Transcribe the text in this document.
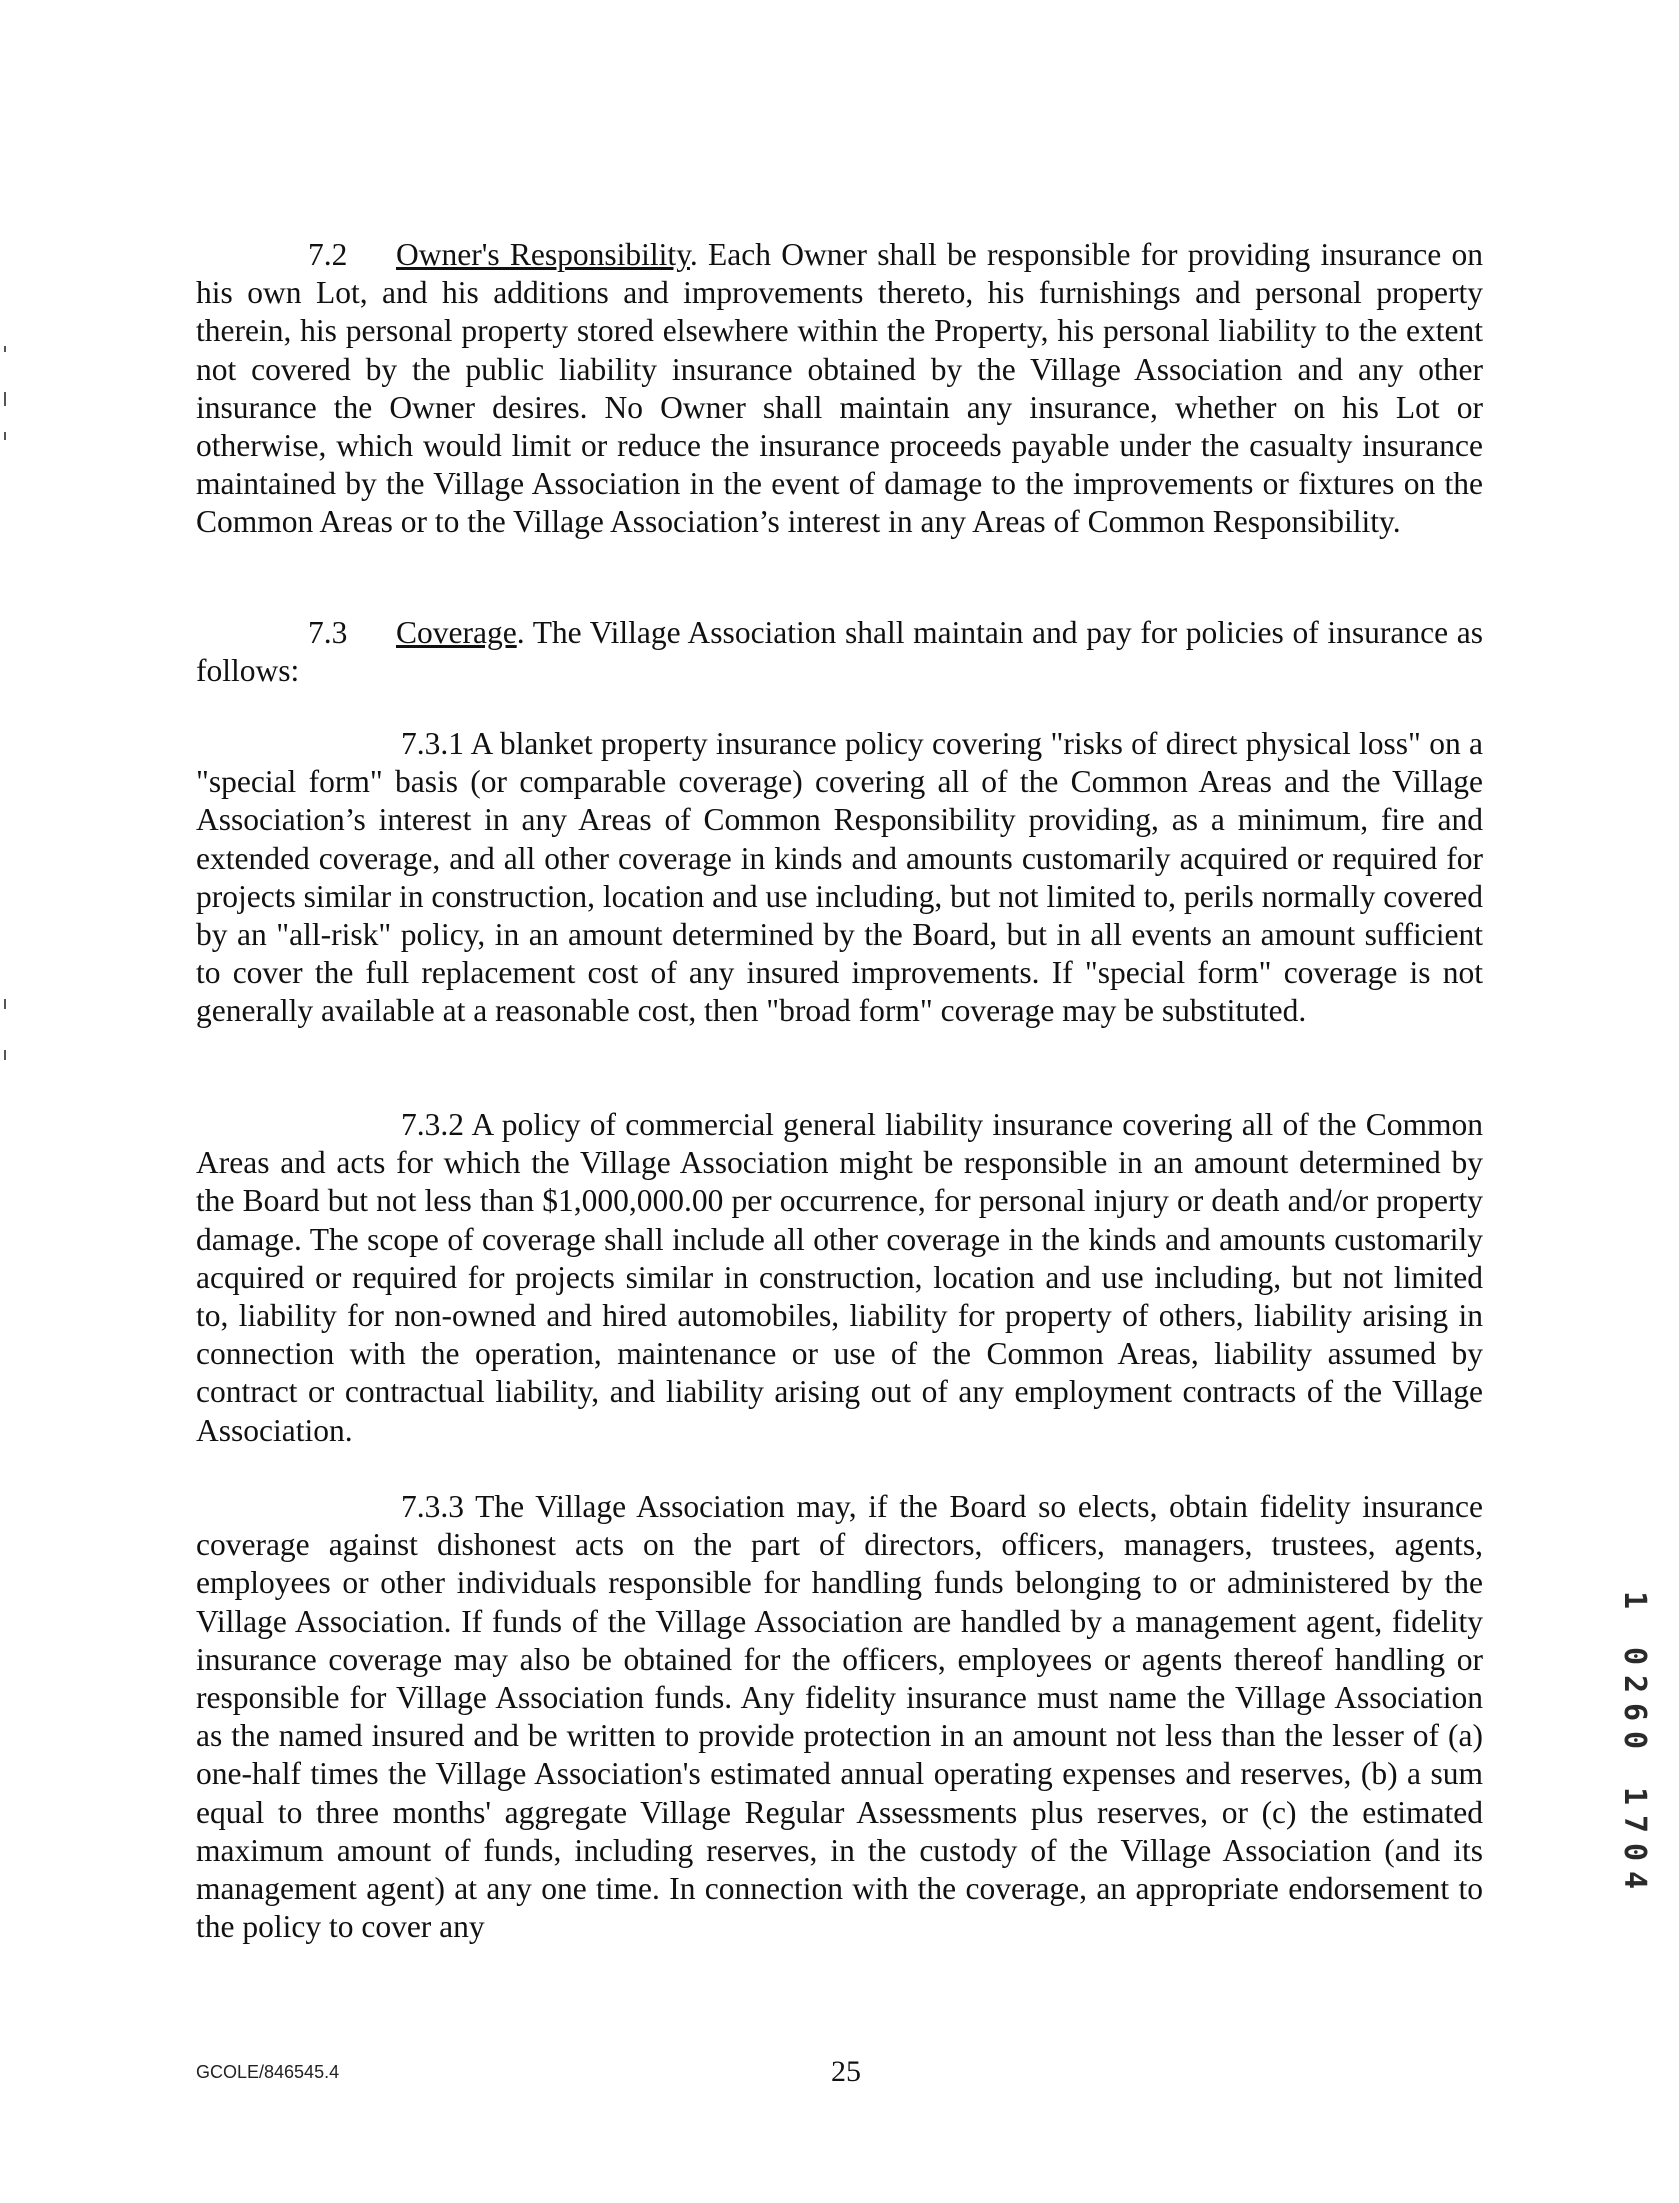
7.2 Owner's Responsibility. Each Owner shall be responsible for providing insurance on his own Lot, and his additions and improvements thereto, his furnishings and personal property therein, his personal property stored elsewhere within the Property, his personal liability to the extent not covered by the public liability insurance obtained by the Village Association and any other insurance the Owner desires. No Owner shall maintain any insurance, whether on his Lot or otherwise, which would limit or reduce the insurance proceeds payable under the casualty insurance maintained by the Village Association in the event of damage to the improvements or fixtures on the Common Areas or to the Village Association’s interest in any Areas of Common Responsibility.

7.3 Coverage. The Village Association shall maintain and pay for policies of insurance as follows:

7.3.1 A blanket property insurance policy covering "risks of direct physical loss" on a "special form" basis (or comparable coverage) covering all of the Common Areas and the Village Association’s interest in any Areas of Common Responsibility providing, as a minimum, fire and extended coverage, and all other coverage in kinds and amounts customarily acquired or required for projects similar in construction, location and use including, but not limited to, perils normally covered by an "all-risk" policy, in an amount determined by the Board, but in all events an amount sufficient to cover the full replacement cost of any insured improvements. If "special form" coverage is not generally available at a reasonable cost, then "broad form" coverage may be substituted.

7.3.2 A policy of commercial general liability insurance covering all of the Common Areas and acts for which the Village Association might be responsible in an amount determined by the Board but not less than $1,000,000.00 per occurrence, for personal injury or death and/or property damage. The scope of coverage shall include all other coverage in the kinds and amounts customarily acquired or required for projects similar in construction, location and use including, but not limited to, liability for non-owned and hired automobiles, liability for property of others, liability arising in connection with the operation, maintenance or use of the Common Areas, liability assumed by contract or contractual liability, and liability arising out of any employment contracts of the Village Association.

7.3.3 The Village Association may, if the Board so elects, obtain fidelity insurance coverage against dishonest acts on the part of directors, officers, managers, trustees, agents, employees or other individuals responsible for handling funds belonging to or administered by the Village Association. If funds of the Village Association are handled by a management agent, fidelity insurance coverage may also be obtained for the officers, employees or agents thereof handling or responsible for Village Association funds. Any fidelity insurance must name the Village Association as the named insured and be written to provide protection in an amount not less than the lesser of (a) one-half times the Village Association's estimated annual operating expenses and reserves, (b) a sum equal to three months' aggregate Village Regular Assessments plus reserves, or (c) the estimated maximum amount of funds, including reserves, in the custody of the Village Association (and its management agent) at any one time. In connection with the coverage, an appropriate endorsement to the policy to cover any

GCOLE/846545.4	25
4
0
7
1
0
6
2
0
1
